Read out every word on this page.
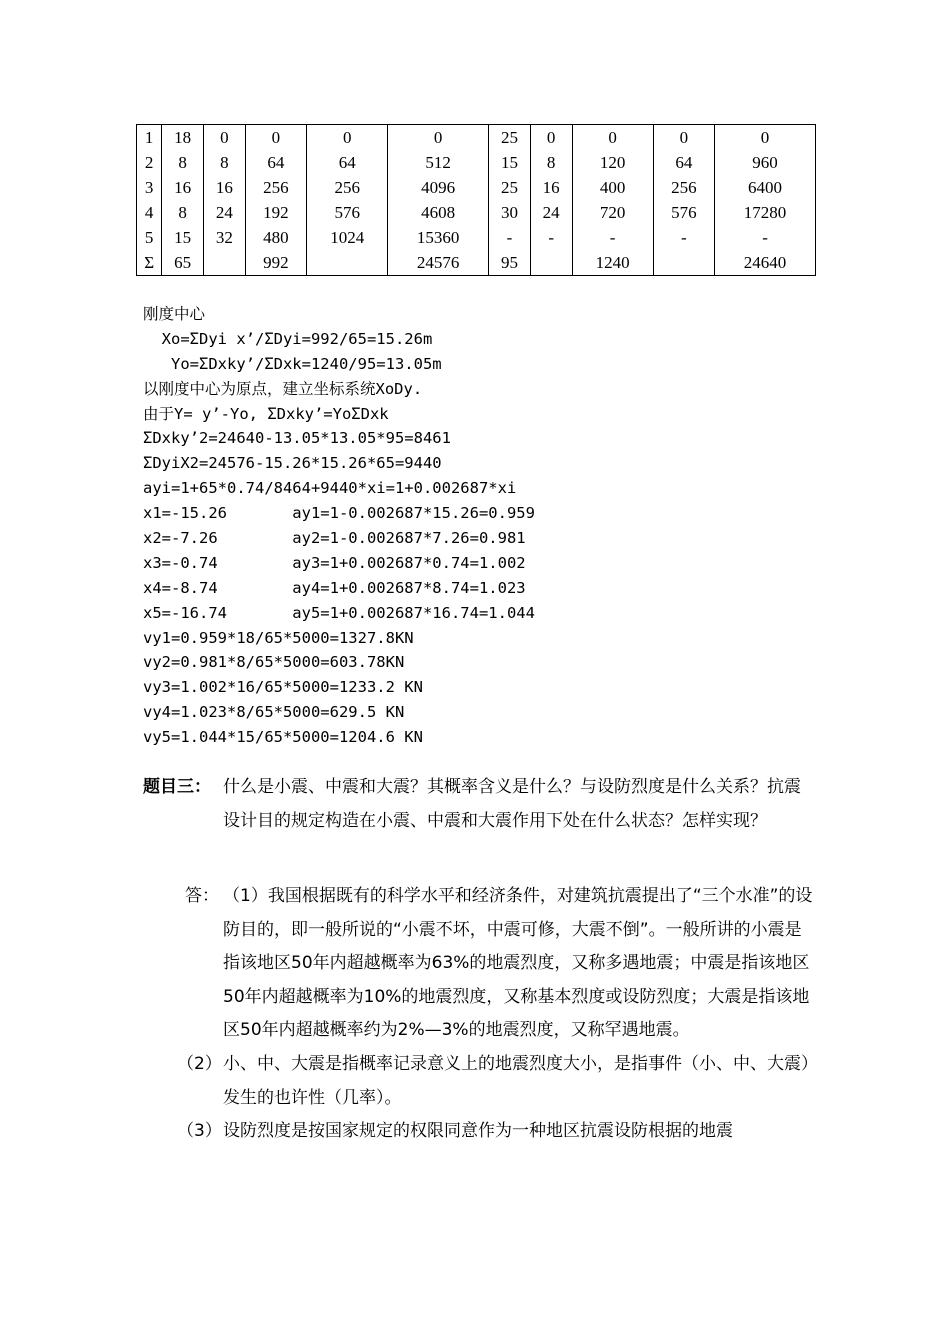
1	18	0	0	0	0	25	0	0	0	0
2	8	8	64	64	512	15	8	120	64	960
3	16	16	256	256	4096	25	16	400	256	6400
4	8	24	192	576	4608	30	24	720	576	17280
5	15	32	480	1024	15360	-	-	-	-	-
Σ	65		992		24576	95		1240		24640
刚度中心
Xo=ΣDyi x’/ΣDyi=992/65=15.26m
Yo=ΣDxky’/ΣDxk=1240/95=13.05m
以刚度中心为原点，建立坐标系统XoDy.
由于Y= y’-Yo, ΣDxky’=YoΣDxk
ΣDxky’2=24640-13.05*13.05*95=8461
ΣDyiX2=24576-15.26*15.26*65=9440
ayi=1+65*0.74/8464+9440*xi=1+0.002687*xi
x1=-15.26       ay1=1-0.002687*15.26=0.959
x2=-7.26        ay2=1-0.002687*7.26=0.981
x3=-0.74        ay3=1+0.002687*0.74=1.002
x4=-8.74        ay4=1+0.002687*8.74=1.023
x5=-16.74       ay5=1+0.002687*16.74=1.044
vy1=0.959*18/65*5000=1327.8KN
vy2=0.981*8/65*5000=603.78KN
vy3=1.002*16/65*5000=1233.2 KN
vy4=1.023*8/65*5000=629.5 KN
vy5=1.044*15/65*5000=1204.6 KN
题目三： 什么是小震、中震和大震？其概率含义是什么？与设防烈度是什么关系？抗震设计目的规定构造在小震、中震和大震作用下处在什么状态？怎样实现？
答： （1）我国根据既有的科学水平和经济条件，对建筑抗震提出了“三个水准”的设防目的，即一般所说的“小震不坏，中震可修，大震不倒”。一般所讲的小震是指该地区50年内超越概率为63%的地震烈度，又称多遇地震；中震是指该地区50年内超越概率为10%的地震烈度，又称基本烈度或设防烈度；大震是指该地区50年内超越概率约为2%—3%的地震烈度，又称罕遇地震。
（2） 小、中、大震是指概率记录意义上的地震烈度大小，是指事件（小、中、大震）发生的也许性（几率）。
（3） 设防烈度是按国家规定的权限同意作为一种地区抗震设防根据的地震
